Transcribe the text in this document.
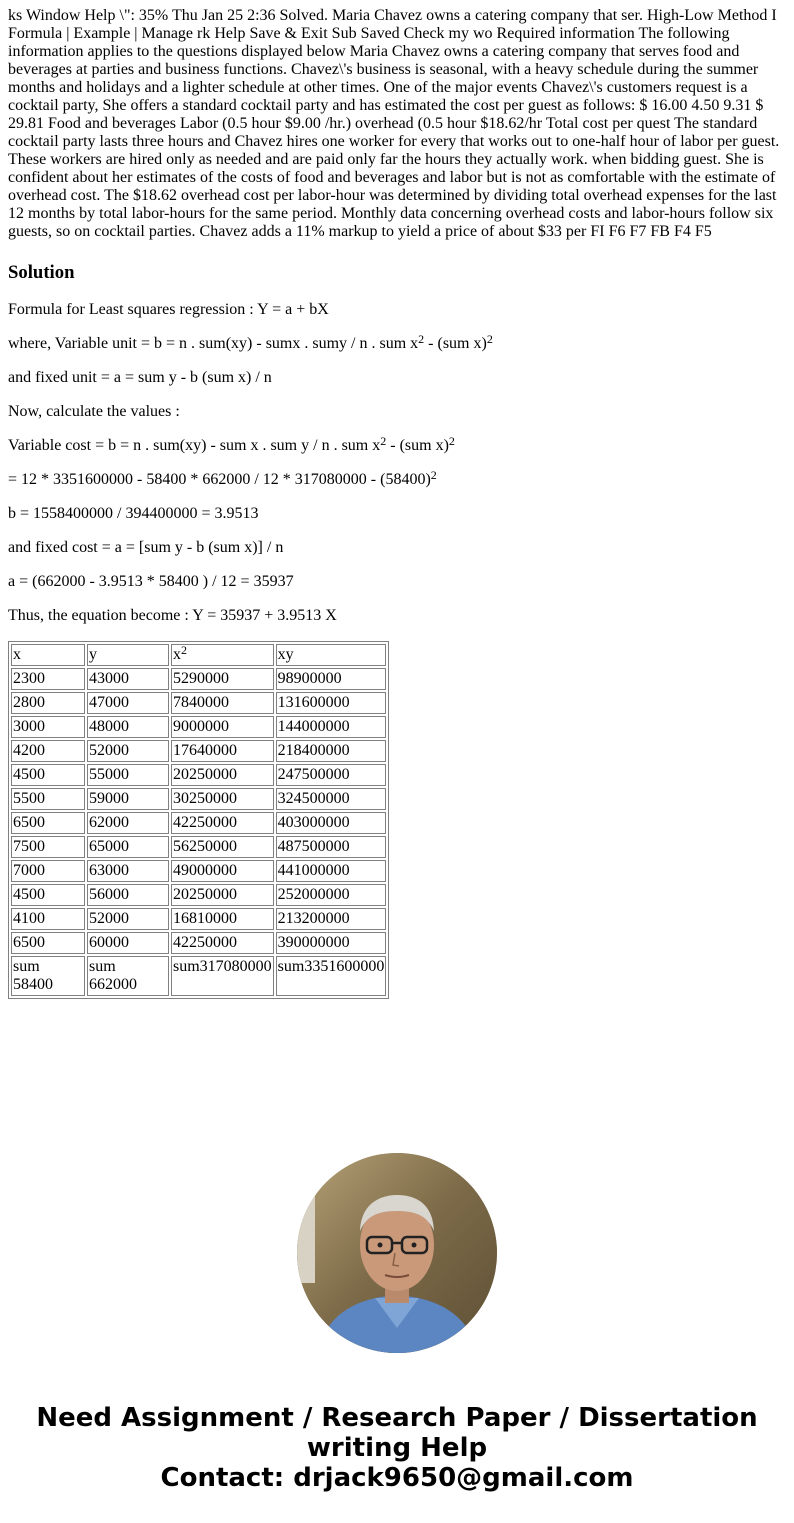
ks Window Help \": 35% Thu Jan 25 2:36 Solved. Maria Chavez owns a catering company that ser. High-Low Method I Formula | Example | Manage rk Help Save & Exit Sub Saved Check my wo Required information The following information applies to the questions displayed below Maria Chavez owns a catering company that serves food and beverages at parties and business functions. Chavez\'s business is seasonal, with a heavy schedule during the summer months and holidays and a lighter schedule at other times. One of the major events Chavez\'s customers request is a cocktail party, She offers a standard cocktail party and has estimated the cost per guest as follows: $ 16.00 4.50 9.31 $ 29.81 Food and beverages Labor (0.5 hour $9.00 /hr.) overhead (0.5 hour $18.62/hr Total cost per quest The standard cocktail party lasts three hours and Chavez hires one worker for every that works out to one-half hour of labor per guest. These workers are hired only as needed and are paid only far the hours they actually work. when bidding guest. She is confident about her estimates of the costs of food and beverages and labor but is not as comfortable with the estimate of overhead cost. The $18.62 overhead cost per labor-hour was determined by dividing total overhead expenses for the last 12 months by total labor-hours for the same period. Monthly data concerning overhead costs and labor-hours follow six guests, so on cocktail parties. Chavez adds a 11% markup to yield a price of about $33 per FI F6 F7 FB F4 F5

Solution

Formula for Least squares regression : Y = a + bX

where, Variable unit = b = n . sum(xy) - sumx . sumy / n . sum $x^2 - (sum$ x)$^2$

and fixed unit = a = sum y - b (sum x) / n

Now, calculate the values :

Variable cost = b = n . sum(xy) - sum x . sum y / n . sum $x^2 - (sum$ x)$^2$

= $12 * 3351600000 - 58400 * 662000 / 12 * 317080000 - (58400)^2$

b = 1558400000 / 394400000 = 3.9513

and fixed cost = a = [sum y - b (sum x)] / n

a = (662000 - 3.9513 * 58400 ) / 12 = 35937

Thus, the equation become : Y = 35937 + 3.9513 X

x	y	$x^2$	xy
2300	43000	5290000	98900000
2800	47000	7840000	131600000
3000	48000	9000000	144000000
4200	52000	17640000	218400000
4500	55000	20250000	247500000
5500	59000	30250000	324500000
6500	62000	42250000	403000000
7500	65000	56250000	487500000
7000	63000	49000000	441000000
4500	56000	20250000	252000000
4100	52000	16810000	213200000
6500	60000	42250000	390000000
sum 58400	sum 662000	sum317080000	sum3351600000
Need Assignment / Research Paper / Dissertation
writing Help
Contact: drjack9650@gmail.com
